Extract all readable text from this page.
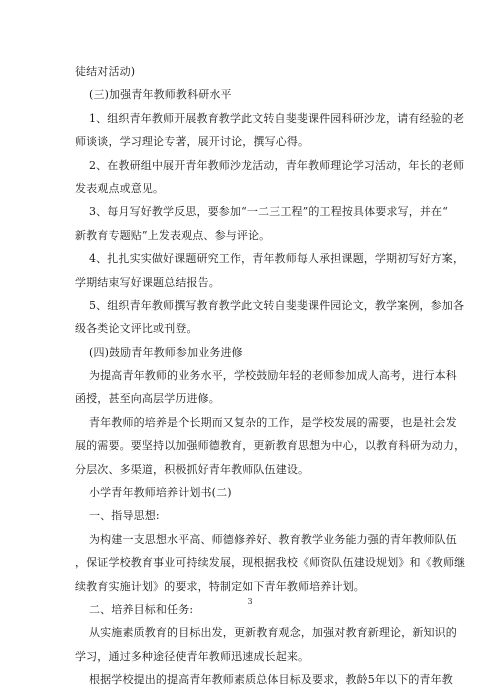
徒结对活动)
(三)加强青年教师教科研水平
1、组织青年教师开展教育教学此文转自斐斐课件园科研沙龙，请有经验的老
师谈谈，学习理论专著，展开讨论，撰写心得。
2、在教研组中展开青年教师沙龙活动，青年教师理论学习活动，年长的老师
发表观点或意见。
3、每月写好教学反思，要参加“一二三工程”的工程按具体要求写，并在“
新教育专题贴”上发表观点、参与评论。
4、扎扎实实做好课题研究工作，青年教师每人承担课题，学期初写好方案，
学期结束写好课题总结报告。
5、组织青年教师撰写教育教学此文转自斐斐课件园论文，教学案例，参加各
级各类论文评比或刊登。
(四)鼓励青年教师参加业务进修
为提高青年教师的业务水平，学校鼓励年轻的老师参加成人高考，进行本科
函授，甚至向高层学历进修。
青年教师的培养是个长期而又复杂的工作，是学校发展的需要，也是社会发
展的需要。要坚持以加强师德教育，更新教育思想为中心，以教育科研为动力，
分层次、多渠道，积极抓好青年教师队伍建设。
小学青年教师培养计划书(二)
一、指导思想:
为构建一支思想水平高、师德修养好、教育教学业务能力强的青年教师队伍
，保证学校教育事业可持续发展，现根据我校《师资队伍建设规划》和《教师继
续教育实施计划》的要求，特制定如下青年教师培养计划。
二、培养目标和任务:
从实施素质教育的目标出发，更新教育观念，加强对教育新理论，新知识的
学习，通过多种途径使青年教师迅速成长起来。
根据学校提出的提高青年教师素质总体目标及要求，教龄5年以下的青年教
3
